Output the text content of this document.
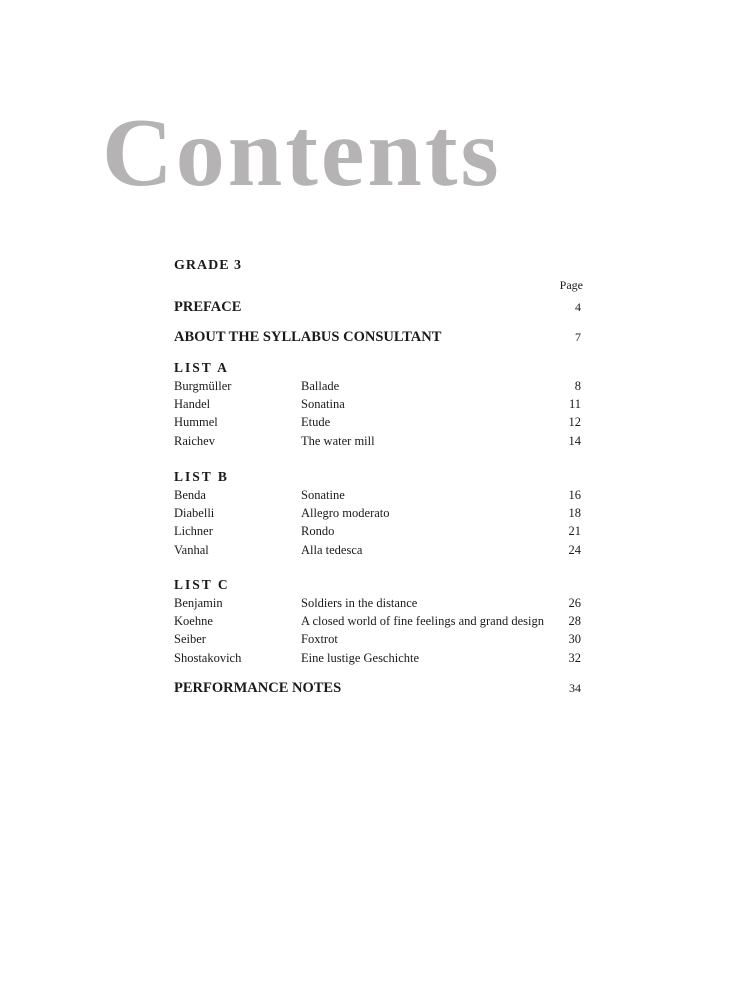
Contents
GRADE 3
Page
PREFACE	4
ABOUT THE SYLLABUS CONSULTANT	7
LIST A
Burgmüller	Ballade	8
Handel	Sonatina	11
Hummel	Etude	12
Raichev	The water mill	14
LIST B
Benda	Sonatine	16
Diabelli	Allegro moderato	18
Lichner	Rondo	21
Vanhal	Alla tedesca	24
LIST C
Benjamin	Soldiers in the distance	26
Koehne	A closed world of fine feelings and grand design	28
Seiber	Foxtrot	30
Shostakovich	Eine lustige Geschichte	32
PERFORMANCE NOTES	34
